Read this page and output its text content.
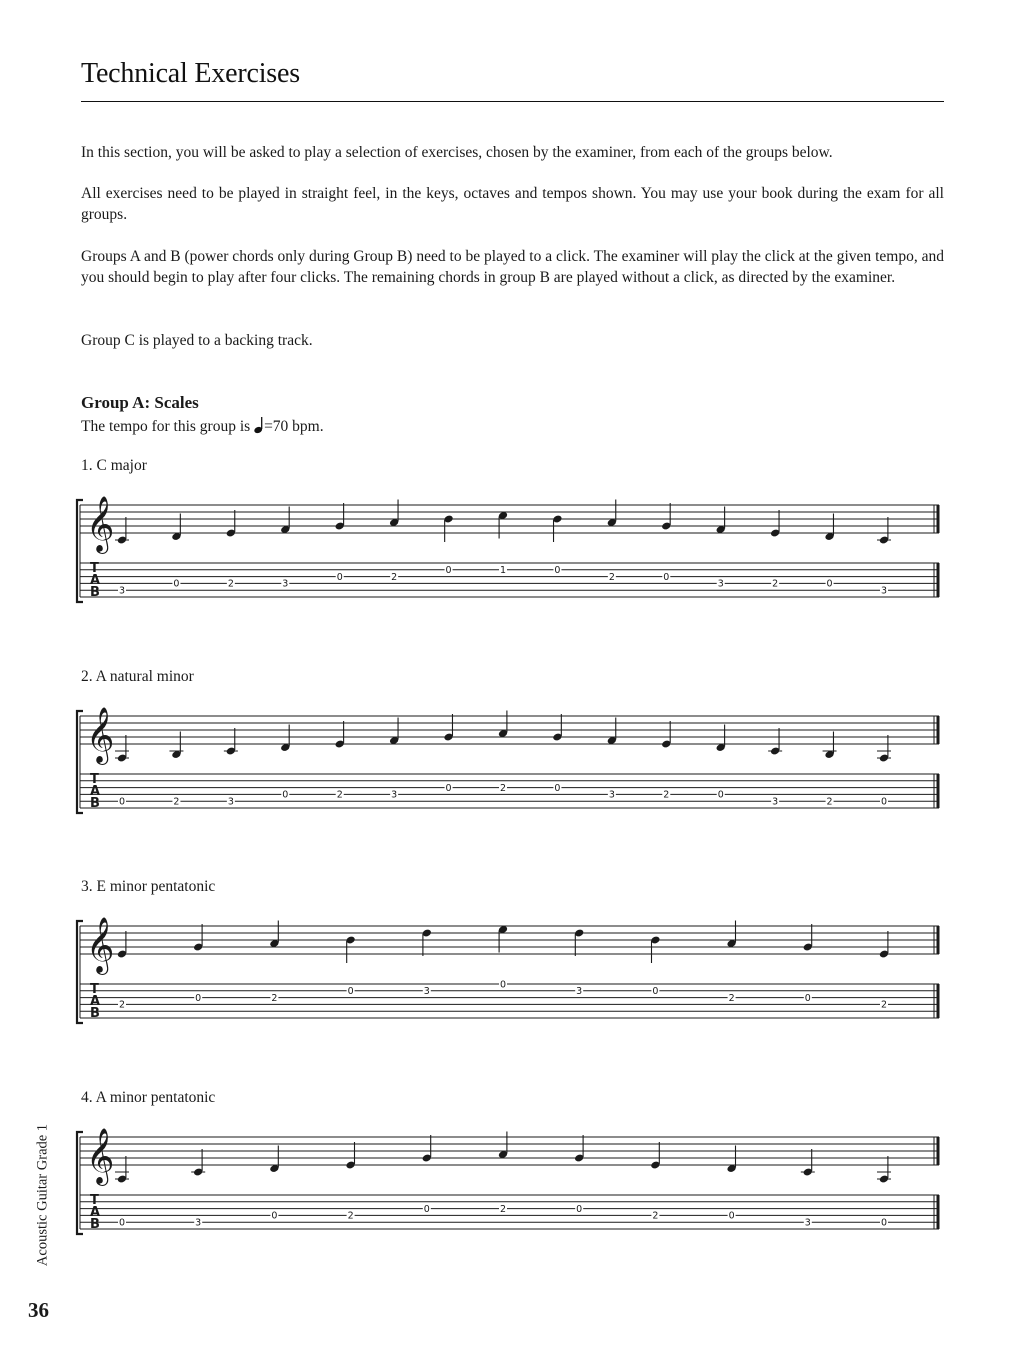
Technical Exercises

In this section, you will be asked to play a selection of exercises, chosen by the examiner, from each of the groups below.

All exercises need to be played in straight feel, in the keys, octaves and tempos shown. You may use your book during the exam for all groups.

Groups A and B (power chords only during Group B) need to be played to a click. The examiner will play the click at the given tempo, and you should begin to play after four clicks. The remaining chords in group B are played without a click, as directed by the examiner.

Group C is played to a backing track.

Group A: Scales
The tempo for this group is =70 bpm.
1. C major
2. A natural minor
3. E minor pentatonic
4. A minor pentatonic
𝄞
T
A
B 3
0	2	3
0	2
0	1	0
2	0
3	2	0
3
𝄞
T
A
B 0	2	3
0	2	3
0	2	0
3	2	0
3	2	0
𝄞
T
A
B
2
0	2
0	3
0
3	0
2	0
2
𝄞
T
A
B 0	3
0	2
0	2	0
2	0
3	0
Acoustic Guitar Grade 1
36
